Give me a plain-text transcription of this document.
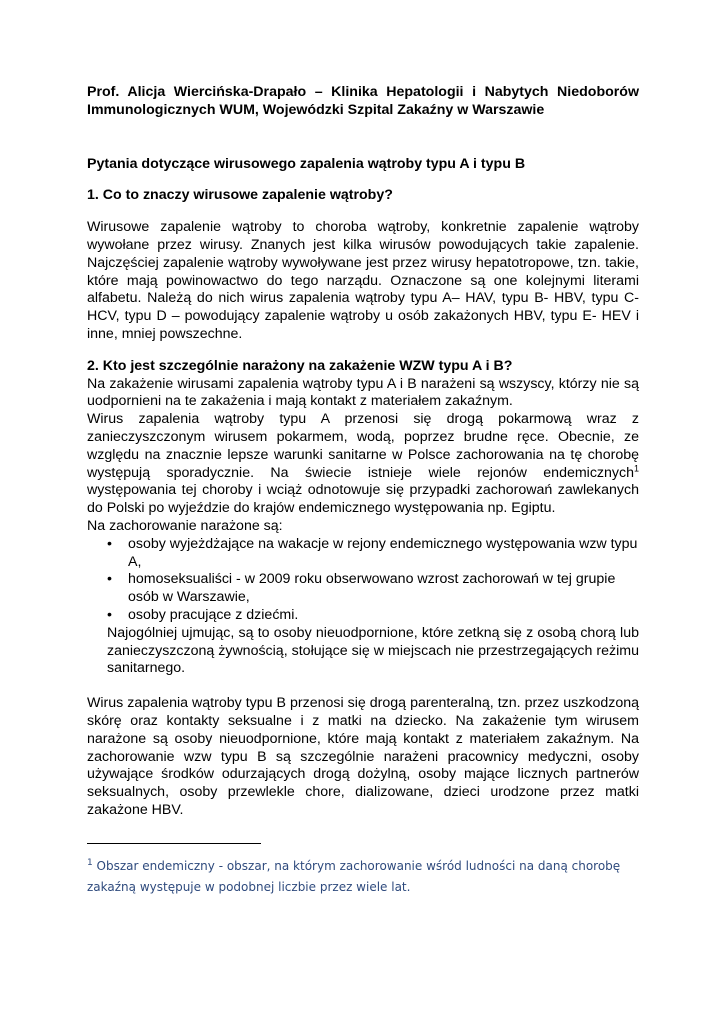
Prof. Alicja Wiercińska-Drapało – Klinika Hepatologii i Nabytych Niedoborów Immunologicznych WUM, Wojewódzki Szpital Zakaźny w Warszawie

Pytania dotyczące wirusowego zapalenia wątroby typu A i typu B

1. Co to znaczy wirusowe zapalenie wątroby?

Wirusowe zapalenie wątroby to choroba wątroby, konkretnie zapalenie wątroby wywołane przez wirusy. Znanych jest kilka wirusów powodujących takie zapalenie. Najczęściej zapalenie wątroby wywoływane jest przez wirusy hepatotropowe, tzn. takie, które mają powinowactwo do tego narządu. Oznaczone są one kolejnymi literami alfabetu. Należą do nich wirus zapalenia wątroby typu A– HAV, typu B- HBV, typu C- HCV, typu D – powodujący zapalenie wątroby u osób zakażonych HBV, typu E- HEV i inne, mniej powszechne.

2. Kto jest szczególnie narażony na zakażenie WZW typu A i B?

Na zakażenie wirusami zapalenia wątroby typu A i B narażeni są wszyscy, którzy nie są uodpornieni na te zakażenia i mają kontakt z materiałem zakaźnym.

Wirus zapalenia wątroby typu A przenosi się drogą pokarmową wraz z zanieczyszczonym wirusem pokarmem, wodą, poprzez brudne ręce. Obecnie, ze względu na znacznie lepsze warunki sanitarne w Polsce zachorowania na tę chorobę występują sporadycznie. Na świecie istnieje wiele rejonów endemicznych$^1$ występowania tej choroby i wciąż odnotowuje się przypadki zachorowań zawlekanych do Polski po wyjeździe do krajów endemicznego występowania np. Egiptu.

Na zachorowanie narażone są:

• osoby wyjeżdżające na wakacje w rejony endemicznego występowania wzw typu A,
• homoseksualiści - w 2009 roku obserwowano wzrost zachorowań w tej grupie osób w Warszawie,
• osoby pracujące z dziećmi.

Najogólniej ujmując, są to osoby nieuodpornione, które zetkną się z osobą chorą lub zanieczyszczoną żywnością, stołujące się w miejscach nie przestrzegających reżimu sanitarnego.

Wirus zapalenia wątroby typu B przenosi się drogą parenteralną, tzn. przez uszkodzoną skórę oraz kontakty seksualne i z matki na dziecko. Na zakażenie tym wirusem narażone są osoby nieuodpornione, które mają kontakt z materiałem zakaźnym. Na zachorowanie wzw typu B są szczególnie narażeni pracownicy medyczni, osoby używające środków odurzających drogą dożylną, osoby mające licznych partnerów seksualnych, osoby przewlekle chore, dializowane, dzieci urodzone przez matki zakażone HBV.

$^1$ Obszar endemiczny - obszar, na którym zachorowanie wśród ludności na daną chorobę zakaźną występuje w podobnej liczbie przez wiele lat.
